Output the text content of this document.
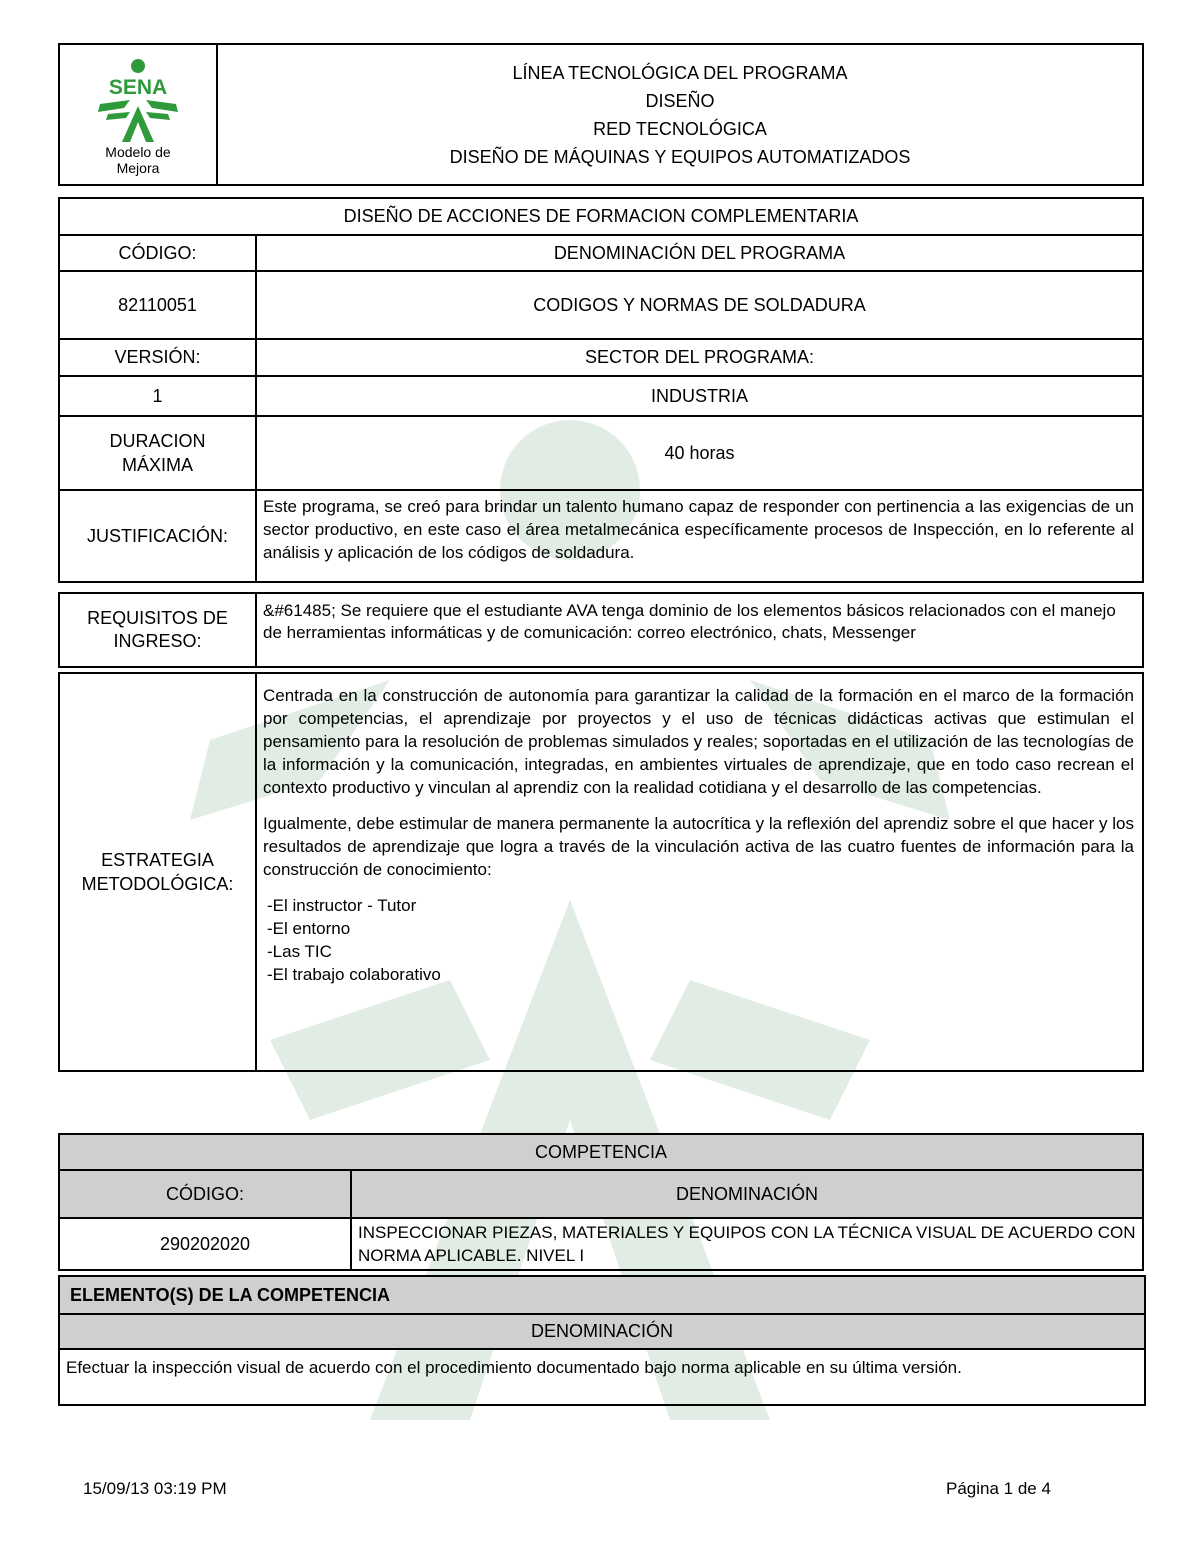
SENA
Modelo de
Mejora

LÍNEA TECNOLÓGICA DEL PROGRAMA
DISEÑO
RED TECNOLÓGICA
DISEÑO DE MÁQUINAS Y EQUIPOS AUTOMATIZADOS
DISEÑO DE ACCIONES DE FORMACION COMPLEMENTARIA	
CÓDIGO:	DENOMINACIÓN DEL PROGRAMA
82110051	CODIGOS Y NORMAS DE SOLDADURA
VERSIÓN:	SECTOR DEL PROGRAMA:
1	INDUSTRIA

DURACION
MÁXIMA	40 horas
JUSTIFICACIÓN:	Este programa, se creó para brindar un talento humano capaz de responder con pertinencia a las exigencias de un sector productivo, en este caso el área metalmecánica específicamente procesos de Inspección, en lo referente al análisis y aplicación de los códigos de soldadura.
REQUISITOS DE
INGRESO:
	&#61485; Se requiere que el estudiante AVA tenga dominio de los elementos básicos relacionados con el manejo de herramientas informáticas y de comunicación: correo electrónico, chats, Messenger
ESTRATEGIA
METODOLÓGICA:

Centrada en la construcción de autonomía para garantizar la calidad de la formación en el marco de la formación por competencias, el aprendizaje por proyectos y el uso de técnicas didácticas activas que estimulan el pensamiento para la resolución de problemas simulados y reales; soportadas en el utilización de las tecnologías de la información y la comunicación, integradas, en ambientes virtuales de aprendizaje, que en todo caso recrean el contexto productivo y vinculan al aprendiz con la realidad cotidiana y el desarrollo de las competencias.
Igualmente, debe estimular de manera permanente la autocrítica y la reflexión del aprendiz sobre el que hacer y los resultados de aprendizaje que logra a través de la vinculación activa de las cuatro fuentes de información para la construcción de conocimiento:
-El instructor - Tutor
-El entorno
-Las TIC
-El trabajo colaborativo
COMPETENCIA	
CÓDIGO:	DENOMINACIÓN
290202020	INSPECCIONAR PIEZAS, MATERIALES Y EQUIPOS CON LA TÉCNICA VISUAL DE ACUERDO CON NORMA APLICABLE. NIVEL I
ELEMENTO(S) DE LA COMPETENCIA
DENOMINACIÓN
Efectuar la inspección visual de acuerdo con el procedimiento documentado bajo norma aplicable en su última versión.
15/09/13 03:19 PM	Página 1 de 4
